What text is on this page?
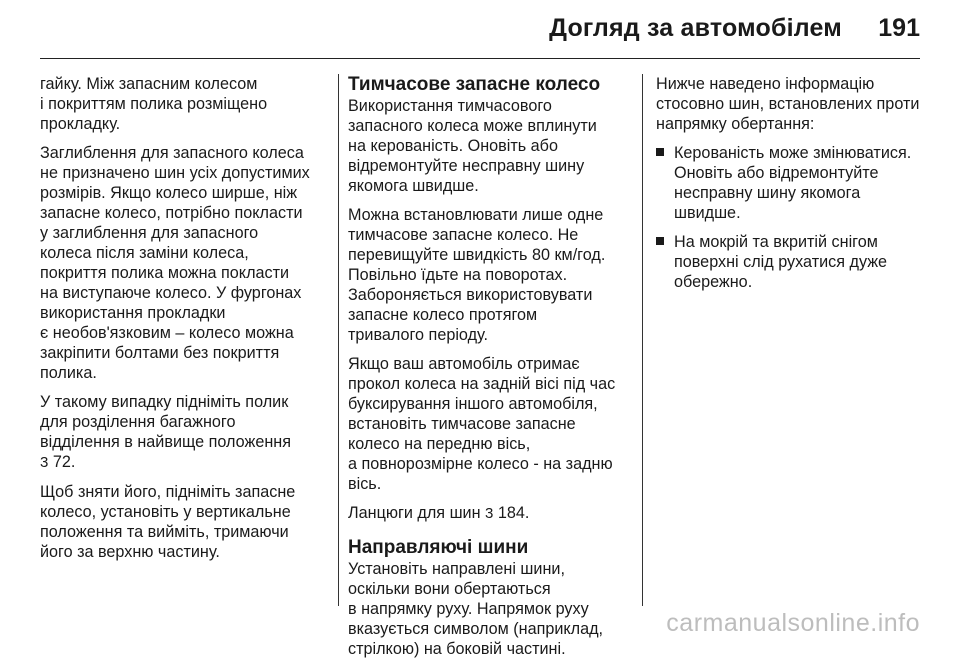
Догляд за автомобілем 191

гайку. Між запасним колесом
і покриттям полика розміщено
прокладку.

Заглиблення для запасного колеса
не призначено шин усіх допустимих
розмірів. Якщо колесо ширше, ніж
запасне колесо, потрібно покласти
у заглиблення для запасного
колеса після заміни колеса,
покриття полика можна покласти
на виступаюче колесо. У фургонах
використання прокладки
є необов'язковим – колесо можна
закріпити болтами без покриття
полика.

У такому випадку підніміть полик
для розділення багажного
відділення в найвище положення
3 72.

Щоб зняти його, підніміть запасне
колесо, установіть у вертикальне
положення та вийміть, тримаючи
його за верхню частину.

Тимчасове запасне колесо

Використання тимчасового
запасного колеса може вплинути
на керованість. Оновіть або
відремонтуйте несправну шину
якомога швидше.

Можна встановлювати лише одне
тимчасове запасне колесо. Не
перевищуйте швидкість 80 км/год.
Повільно їдьте на поворотах.
Забороняється використовувати
запасне колесо протягом
тривалого періоду.

Якщо ваш автомобіль отримає
прокол колеса на задній вісі під час
буксирування іншого автомобіля,
встановіть тимчасове запасне
колесо на передню вісь,
а повнорозмірне колесо - на задню
вісь.

Ланцюги для шин 3 184.

Направляючі шини

Установіть направлені шини,
оскільки вони обертаються
в напрямку руху. Напрямок руху
вказується символом (наприклад,
стрілкою) на боковій частині.

Нижче наведено інформацію
стосовно шин, встановлених проти
напрямку обертання:

Керованість може змінюватися.
Оновіть або відремонтуйте
несправну шину якомога
швидше.
На мокрій та вкритій снігом
поверхні слід рухатися дуже
обережно.
carmanualsonline.info
